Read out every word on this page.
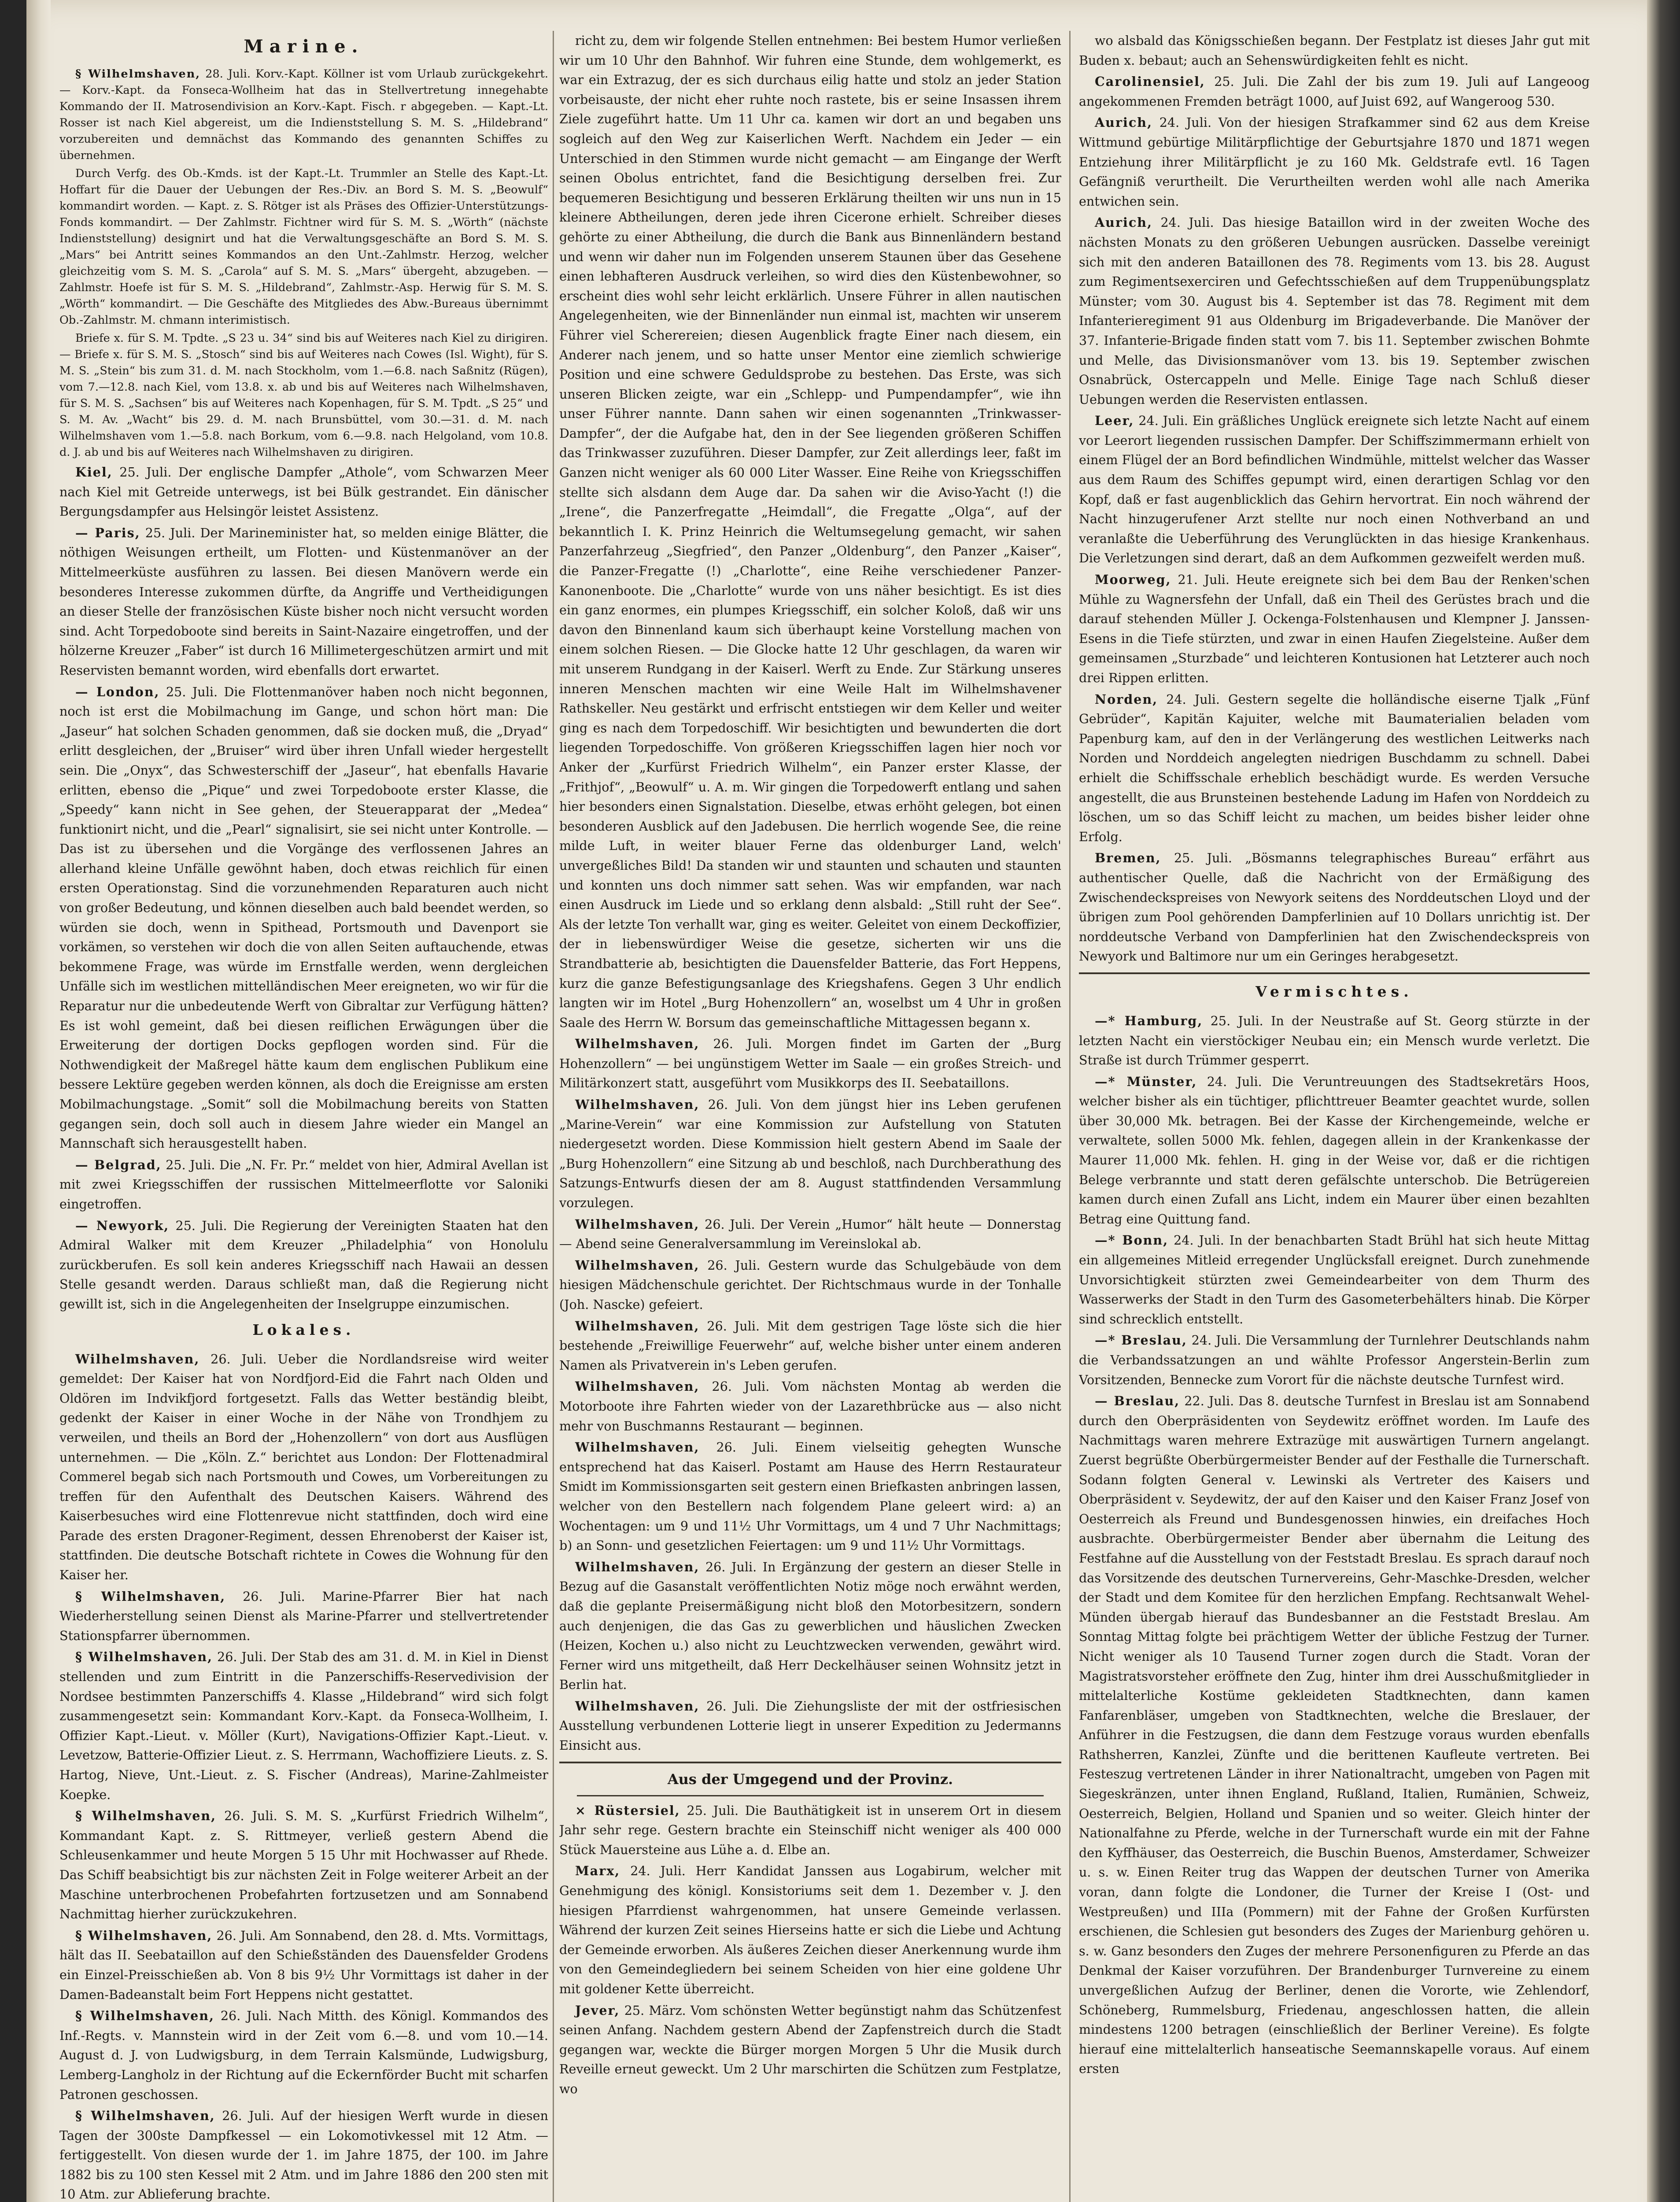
Marine.

§ Wilhelmshaven, 28. Juli. Korv.-Kapt. Köllner ist vom Urlaub zurückgekehrt. — Korv.-Kapt. da Fonseca-Wollheim hat das in Stellvertretung innegehabte Kommando der II. Matrosendivision an Korv.-Kapt. Fisch. r abgegeben. — Kapt.-Lt. Rosser ist nach Kiel abgereist, um die Indienststellung S. M. S. „Hildebrand“ vorzubereiten und demnächst das Kommando des genannten Schiffes zu übernehmen.

Durch Verfg. des Ob.-Kmds. ist der Kapt.-Lt. Trummler an Stelle des Kapt.-Lt. Hoffart für die Dauer der Uebungen der Res.-Div. an Bord S. M. S. „Beowulf“ kommandirt worden. — Kapt. z. S. Rötger ist als Präses des Offizier-Unterstützungs-Fonds kommandirt. — Der Zahlmstr. Fichtner wird für S. M. S. „Wörth“ (nächste Indienststellung) designirt und hat die Verwaltungsgeschäfte an Bord S. M. S. „Mars“ bei Antritt seines Kommandos an den Unt.-Zahlmstr. Herzog, welcher gleichzeitig vom S. M. S. „Carola“ auf S. M. S. „Mars“ übergeht, abzugeben. — Zahlmstr. Hoefe ist für S. M. S. „Hildebrand“, Zahlmstr.-Asp. Herwig für S. M. S. „Wörth“ kommandirt. — Die Geschäfte des Mitgliedes des Abw.-Bureaus übernimmt Ob.-Zahlmstr. M. chmann interimistisch.

Briefe x. für S. M. Tpdte. „S 23 u. 34“ sind bis auf Weiteres nach Kiel zu dirigiren. — Briefe x. für S. M. S. „Stosch“ sind bis auf Weiteres nach Cowes (Isl. Wight), für S. M. S. „Stein“ bis zum 31. d. M. nach Stockholm, vom 1.—6.8. nach Saßnitz (Rügen), vom 7.—12.8. nach Kiel, vom 13.8. x. ab und bis auf Weiteres nach Wilhelmshaven, für S. M. S. „Sachsen“ bis auf Weiteres nach Kopenhagen, für S. M. Tpdt. „S 25“ und S. M. Av. „Wacht“ bis 29. d. M. nach Brunsbüttel, vom 30.—31. d. M. nach Wilhelmshaven vom 1.—5.8. nach Borkum, vom 6.—9.8. nach Helgoland, vom 10.8. d. J. ab und bis auf Weiteres nach Wilhelmshaven zu dirigiren.

Kiel, 25. Juli. Der englische Dampfer „Athole“, vom Schwarzen Meer nach Kiel mit Getreide unterwegs, ist bei Bülk gestrandet. Ein dänischer Bergungsdampfer aus Helsingör leistet Assistenz.

— Paris, 25. Juli. Der Marineminister hat, so melden einige Blätter, die nöthigen Weisungen ertheilt, um Flotten- und Küstenmanöver an der Mittelmeerküste ausführen zu lassen. Bei diesen Manövern werde ein besonderes Interesse zukommen dürfte, da Angriffe und Vertheidigungen an dieser Stelle der französischen Küste bisher noch nicht versucht worden sind. Acht Torpedoboote sind bereits in Saint-Nazaire eingetroffen, und der hölzerne Kreuzer „Faber“ ist durch 16 Millimetergeschützen armirt und mit Reservisten bemannt worden, wird ebenfalls dort erwartet.

— London, 25. Juli. Die Flottenmanöver haben noch nicht begonnen, noch ist erst die Mobilmachung im Gange, und schon hört man: Die „Jaseur“ hat solchen Schaden genommen, daß sie docken muß, die „Dryad“ erlitt desgleichen, der „Bruiser“ wird über ihren Unfall wieder hergestellt sein. Die „Onyx“, das Schwesterschiff der „Jaseur“, hat ebenfalls Havarie erlitten, ebenso die „Pique“ und zwei Torpedoboote erster Klasse, die „Speedy“ kann nicht in See gehen, der Steuerapparat der „Medea“ funktionirt nicht, und die „Pearl“ signalisirt, sie sei nicht unter Kontrolle. — Das ist zu übersehen und die Vorgänge des verflossenen Jahres an allerhand kleine Unfälle gewöhnt haben, doch etwas reichlich für einen ersten Operationstag. Sind die vorzunehmenden Reparaturen auch nicht von großer Bedeutung, und können dieselben auch bald beendet werden, so würden sie doch, wenn in Spithead, Portsmouth und Davenport sie vorkämen, so verstehen wir doch die von allen Seiten auftauchende, etwas bekommene Frage, was würde im Ernstfalle werden, wenn dergleichen Unfälle sich im westlichen mittelländischen Meer ereigneten, wo wir für die Reparatur nur die unbedeutende Werft von Gibraltar zur Verfügung hätten? Es ist wohl gemeint, daß bei diesen reiflichen Erwägungen über die Erweiterung der dortigen Docks gepflogen worden sind. Für die Nothwendigkeit der Maßregel hätte kaum dem englischen Publikum eine bessere Lektüre gegeben werden können, als doch die Ereignisse am ersten Mobilmachungstage. „Somit“ soll die Mobilmachung bereits von Statten gegangen sein, doch soll auch in diesem Jahre wieder ein Mangel an Mannschaft sich herausgestellt haben.

— Belgrad, 25. Juli. Die „N. Fr. Pr.“ meldet von hier, Admiral Avellan ist mit zwei Kriegsschiffen der russischen Mittelmeerflotte vor Saloniki eingetroffen.

— Newyork, 25. Juli. Die Regierung der Vereinigten Staaten hat den Admiral Walker mit dem Kreuzer „Philadelphia“ von Honolulu zurückberufen. Es soll kein anderes Kriegsschiff nach Hawaii an dessen Stelle gesandt werden. Daraus schließt man, daß die Regierung nicht gewillt ist, sich in die Angelegenheiten der Inselgruppe einzumischen.

Lokales.

Wilhelmshaven, 26. Juli. Ueber die Nordlandsreise wird weiter gemeldet: Der Kaiser hat von Nordfjord-Eid die Fahrt nach Olden und Oldören im Indvikfjord fortgesetzt. Falls das Wetter beständig bleibt, gedenkt der Kaiser in einer Woche in der Nähe von Trondhjem zu verweilen, und theils an Bord der „Hohenzollern“ von dort aus Ausflügen unternehmen. — Die „Köln. Z.“ berichtet aus London: Der Flottenadmiral Commerel begab sich nach Portsmouth und Cowes, um Vorbereitungen zu treffen für den Aufenthalt des Deutschen Kaisers. Während des Kaiserbesuches wird eine Flottenrevue nicht stattfinden, doch wird eine Parade des ersten Dragoner-Regiment, dessen Ehrenoberst der Kaiser ist, stattfinden. Die deutsche Botschaft richtete in Cowes die Wohnung für den Kaiser her.

§ Wilhelmshaven, 26. Juli. Marine-Pfarrer Bier hat nach Wiederherstellung seinen Dienst als Marine-Pfarrer und stellvertretender Stationspfarrer übernommen.

§ Wilhelmshaven, 26. Juli. Der Stab des am 31. d. M. in Kiel in Dienst stellenden und zum Eintritt in die Panzerschiffs-Reservedivision der Nordsee bestimmten Panzerschiffs 4. Klasse „Hildebrand“ wird sich folgt zusammengesetzt sein: Kommandant Korv.-Kapt. da Fonseca-Wollheim, I. Offizier Kapt.-Lieut. v. Möller (Kurt), Navigations-Offizier Kapt.-Lieut. v. Levetzow, Batterie-Offizier Lieut. z. S. Herrmann, Wachoffiziere Lieuts. z. S. Hartog, Nieve, Unt.-Lieut. z. S. Fischer (Andreas), Marine-Zahlmeister Koepke.

§ Wilhelmshaven, 26. Juli. S. M. S. „Kurfürst Friedrich Wilhelm“, Kommandant Kapt. z. S. Rittmeyer, verließ gestern Abend die Schleusenkammer und heute Morgen 5 15 Uhr mit Hochwasser auf Rhede. Das Schiff beabsichtigt bis zur nächsten Zeit in Folge weiterer Arbeit an der Maschine unterbrochenen Probefahrten fortzusetzen und am Sonnabend Nachmittag hierher zurückzukehren.

§ Wilhelmshaven, 26. Juli. Am Sonnabend, den 28. d. Mts. Vormittags, hält das II. Seebataillon auf den Schießständen des Dauensfelder Grodens ein Einzel-Preisschießen ab. Von 8 bis 9½ Uhr Vormittags ist daher in der Damen-Badeanstalt beim Fort Heppens nicht gestattet.

§ Wilhelmshaven, 26. Juli. Nach Mitth. des Königl. Kommandos des Inf.-Regts. v. Mannstein wird in der Zeit vom 6.—8. und vom 10.—14. August d. J. von Ludwigsburg, in dem Terrain Kalsmünde, Ludwigsburg, Lemberg-Langholz in der Richtung auf die Eckernförder Bucht mit scharfen Patronen geschossen.

§ Wilhelmshaven, 26. Juli. Auf der hiesigen Werft wurde in diesen Tagen der 300ste Dampfkessel — ein Lokomotivkessel mit 12 Atm. — fertiggestellt. Von diesen wurde der 1. im Jahre 1875, der 100. im Jahre 1882 bis zu 100 sten Kessel mit 2 Atm. und im Jahre 1886 den 200 sten mit 10 Atm. zur Ablieferung brachte.

richt zu, dem wir folgende Stellen entnehmen: Bei bestem Humor verließen wir um 10 Uhr den Bahnhof. Wir fuhren eine Stunde, dem wohlgemerkt, es war ein Extrazug, der es sich durchaus eilig hatte und stolz an jeder Station vorbeisauste, der nicht eher ruhte noch rastete, bis er seine Insassen ihrem Ziele zugeführt hatte. Um 11 Uhr ca. kamen wir dort an und begaben uns sogleich auf den Weg zur Kaiserlichen Werft. Nachdem ein Jeder — ein Unterschied in den Stimmen wurde nicht gemacht — am Eingange der Werft seinen Obolus entrichtet, fand die Besichtigung derselben frei. Zur bequemeren Besichtigung und besseren Erklärung theilten wir uns nun in 15 kleinere Abtheilungen, deren jede ihren Cicerone erhielt. Schreiber dieses gehörte zu einer Abtheilung, die durch die Bank aus Binnenländern bestand und wenn wir daher nun im Folgenden unserem Staunen über das Gesehene einen lebhafteren Ausdruck verleihen, so wird dies den Küstenbewohner, so erscheint dies wohl sehr leicht erklärlich. Unsere Führer in allen nautischen Angelegenheiten, wie der Binnenländer nun einmal ist, machten wir unserem Führer viel Scherereien; diesen Augenblick fragte Einer nach diesem, ein Anderer nach jenem, und so hatte unser Mentor eine ziemlich schwierige Position und eine schwere Geduldsprobe zu bestehen. Das Erste, was sich unseren Blicken zeigte, war ein „Schlepp- und Pumpendampfer“, wie ihn unser Führer nannte. Dann sahen wir einen sogenannten „Trinkwasser-Dampfer“, der die Aufgabe hat, den in der See liegenden größeren Schiffen das Trinkwasser zuzuführen. Dieser Dampfer, zur Zeit allerdings leer, faßt im Ganzen nicht weniger als 60 000 Liter Wasser. Eine Reihe von Kriegsschiffen stellte sich alsdann dem Auge dar. Da sahen wir die Aviso-Yacht (!) die „Irene“, die Panzerfregatte „Heimdall“, die Fregatte „Olga“, auf der bekanntlich I. K. Prinz Heinrich die Weltumsegelung gemacht, wir sahen Panzerfahrzeug „Siegfried“, den Panzer „Oldenburg“, den Panzer „Kaiser“, die Panzer-Fregatte (!) „Charlotte“, eine Reihe verschiedener Panzer-Kanonenboote. Die „Charlotte“ wurde von uns näher besichtigt. Es ist dies ein ganz enormes, ein plumpes Kriegsschiff, ein solcher Koloß, daß wir uns davon den Binnenland kaum sich überhaupt keine Vorstellung machen von einem solchen Riesen. — Die Glocke hatte 12 Uhr geschlagen, da waren wir mit unserem Rundgang in der Kaiserl. Werft zu Ende. Zur Stärkung unseres inneren Menschen machten wir eine Weile Halt im Wilhelmshavener Rathskeller. Neu gestärkt und erfrischt entstiegen wir dem Keller und weiter ging es nach dem Torpedoschiff. Wir besichtigten und bewunderten die dort liegenden Torpedoschiffe. Von größeren Kriegsschiffen lagen hier noch vor Anker der „Kurfürst Friedrich Wilhelm“, ein Panzer erster Klasse, der „Frithjof“, „Beowulf“ u. A. m. Wir gingen die Torpedowerft entlang und sahen hier besonders einen Signalstation. Dieselbe, etwas erhöht gelegen, bot einen besonderen Ausblick auf den Jadebusen. Die herrlich wogende See, die reine milde Luft, in weiter blauer Ferne das oldenburger Land, welch' unvergeßliches Bild! Da standen wir und staunten und schauten und staunten und konnten uns doch nimmer satt sehen. Was wir empfanden, war nach einen Ausdruck im Liede und so erklang denn alsbald: „Still ruht der See“. Als der letzte Ton verhallt war, ging es weiter. Geleitet von einem Deckoffizier, der in liebenswürdiger Weise die gesetze, sicherten wir uns die Strandbatterie ab, besichtigten die Dauensfelder Batterie, das Fort Heppens, kurz die ganze Befestigungsanlage des Kriegshafens. Gegen 3 Uhr endlich langten wir im Hotel „Burg Hohenzollern“ an, woselbst um 4 Uhr in großen Saale des Herrn W. Borsum das gemeinschaftliche Mittagessen begann x.

Wilhelmshaven, 26. Juli. Morgen findet im Garten der „Burg Hohenzollern“ — bei ungünstigem Wetter im Saale — ein großes Streich- und Militärkonzert statt, ausgeführt vom Musikkorps des II. Seebataillons.

Wilhelmshaven, 26. Juli. Von dem jüngst hier ins Leben gerufenen „Marine-Verein“ war eine Kommission zur Aufstellung von Statuten niedergesetzt worden. Diese Kommission hielt gestern Abend im Saale der „Burg Hohenzollern“ eine Sitzung ab und beschloß, nach Durchberathung des Satzungs-Entwurfs diesen der am 8. August stattfindenden Versammlung vorzulegen.

Wilhelmshaven, 26. Juli. Der Verein „Humor“ hält heute — Donnerstag — Abend seine Generalversammlung im Vereinslokal ab.

Wilhelmshaven, 26. Juli. Gestern wurde das Schulgebäude von dem hiesigen Mädchenschule gerichtet. Der Richtschmaus wurde in der Tonhalle (Joh. Nascke) gefeiert.

Wilhelmshaven, 26. Juli. Mit dem gestrigen Tage löste sich die hier bestehende „Freiwillige Feuerwehr“ auf, welche bisher unter einem anderen Namen als Privatverein in's Leben gerufen.

Wilhelmshaven, 26. Juli. Vom nächsten Montag ab werden die Motorboote ihre Fahrten wieder von der Lazarethbrücke aus — also nicht mehr von Buschmanns Restaurant — beginnen.

Wilhelmshaven, 26. Juli. Einem vielseitig gehegten Wunsche entsprechend hat das Kaiserl. Postamt am Hause des Herrn Restaurateur Smidt im Kommissionsgarten seit gestern einen Briefkasten anbringen lassen, welcher von den Bestellern nach folgendem Plane geleert wird: a) an Wochentagen: um 9 und 11½ Uhr Vormittags, um 4 und 7 Uhr Nachmittags; b) an Sonn- und gesetzlichen Feiertagen: um 9 und 11½ Uhr Vormittags.

Wilhelmshaven, 26. Juli. In Ergänzung der gestern an dieser Stelle in Bezug auf die Gasanstalt veröffentlichten Notiz möge noch erwähnt werden, daß die geplante Preisermäßigung nicht bloß den Motorbesitzern, sondern auch denjenigen, die das Gas zu gewerblichen und häuslichen Zwecken (Heizen, Kochen u.) also nicht zu Leuchtzwecken verwenden, gewährt wird. Ferner wird uns mitgetheilt, daß Herr Deckelhäuser seinen Wohnsitz jetzt in Berlin hat.

Wilhelmshaven, 26. Juli. Die Ziehungsliste der mit der ostfriesischen Ausstellung verbundenen Lotterie liegt in unserer Expedition zu Jedermanns Einsicht aus.

Aus der Umgegend und der Provinz.

× Rüstersiel, 25. Juli. Die Bauthätigkeit ist in unserem Ort in diesem Jahr sehr rege. Gestern brachte ein Steinschiff nicht weniger als 400 000 Stück Mauersteine aus Lühe a. d. Elbe an.

Marx, 24. Juli. Herr Kandidat Janssen aus Logabirum, welcher mit Genehmigung des königl. Konsistoriums seit dem 1. Dezember v. J. den hiesigen Pfarrdienst wahrgenommen, hat unsere Gemeinde verlassen. Während der kurzen Zeit seines Hierseins hatte er sich die Liebe und Achtung der Gemeinde erworben. Als äußeres Zeichen dieser Anerkennung wurde ihm von den Gemeindegliedern bei seinem Scheiden von hier eine goldene Uhr mit goldener Kette überreicht.

Jever, 25. März. Vom schönsten Wetter begünstigt nahm das Schützenfest seinen Anfang. Nachdem gestern Abend der Zapfenstreich durch die Stadt gegangen war, weckte die Bürger morgen Morgen 5 Uhr die Musik durch Reveille erneut geweckt. Um 2 Uhr marschirten die Schützen zum Festplatze, wo

wo alsbald das Königsschießen begann. Der Festplatz ist dieses Jahr gut mit Buden x. bebaut; auch an Sehenswürdigkeiten fehlt es nicht.

Carolinensiel, 25. Juli. Die Zahl der bis zum 19. Juli auf Langeoog angekommenen Fremden beträgt 1000, auf Juist 692, auf Wangeroog 530.

Aurich, 24. Juli. Von der hiesigen Strafkammer sind 62 aus dem Kreise Wittmund gebürtige Militärpflichtige der Geburtsjahre 1870 und 1871 wegen Entziehung ihrer Militärpflicht je zu 160 Mk. Geldstrafe evtl. 16 Tagen Gefängniß verurtheilt. Die Verurtheilten werden wohl alle nach Amerika entwichen sein.

Aurich, 24. Juli. Das hiesige Bataillon wird in der zweiten Woche des nächsten Monats zu den größeren Uebungen ausrücken. Dasselbe vereinigt sich mit den anderen Bataillonen des 78. Regiments vom 13. bis 28. August zum Regimentsexerciren und Gefechtsschießen auf dem Truppenübungsplatz Münster; vom 30. August bis 4. September ist das 78. Regiment mit dem Infanterieregiment 91 aus Oldenburg im Brigadeverbande. Die Manöver der 37. Infanterie-Brigade finden statt vom 7. bis 11. September zwischen Bohmte und Melle, das Divisionsmanöver vom 13. bis 19. September zwischen Osnabrück, Ostercappeln und Melle. Einige Tage nach Schluß dieser Uebungen werden die Reservisten entlassen.

Leer, 24. Juli. Ein gräßliches Unglück ereignete sich letzte Nacht auf einem vor Leerort liegenden russischen Dampfer. Der Schiffszimmermann erhielt von einem Flügel der an Bord befindlichen Windmühle, mittelst welcher das Wasser aus dem Raum des Schiffes gepumpt wird, einen derartigen Schlag vor den Kopf, daß er fast augenblicklich das Gehirn hervortrat. Ein noch während der Nacht hinzugerufener Arzt stellte nur noch einen Nothverband an und veranlaßte die Ueberführung des Verunglückten in das hiesige Krankenhaus. Die Verletzungen sind derart, daß an dem Aufkommen gezweifelt werden muß.

Moorweg, 21. Juli. Heute ereignete sich bei dem Bau der Renken'schen Mühle zu Wagnersfehn der Unfall, daß ein Theil des Gerüstes brach und die darauf stehenden Müller J. Ockenga-Folstenhausen und Klempner J. Janssen-Esens in die Tiefe stürzten, und zwar in einen Haufen Ziegelsteine. Außer dem gemeinsamen „Sturzbade“ und leichteren Kontusionen hat Letzterer auch noch drei Rippen erlitten.

Norden, 24. Juli. Gestern segelte die holländische eiserne Tjalk „Fünf Gebrüder“, Kapitän Kajuiter, welche mit Baumaterialien beladen vom Papenburg kam, auf den in der Verlängerung des westlichen Leitwerks nach Norden und Norddeich angelegten niedrigen Buschdamm zu schnell. Dabei erhielt die Schiffsschale erheblich beschädigt wurde. Es werden Versuche angestellt, die aus Brunsteinen bestehende Ladung im Hafen von Norddeich zu löschen, um so das Schiff leicht zu machen, um beides bisher leider ohne Erfolg.

Bremen, 25. Juli. „Bösmanns telegraphisches Bureau“ erfährt aus authentischer Quelle, daß die Nachricht von der Ermäßigung des Zwischendeckspreises von Newyork seitens des Norddeutschen Lloyd und der übrigen zum Pool gehörenden Dampferlinien auf 10 Dollars unrichtig ist. Der norddeutsche Verband von Dampferlinien hat den Zwischendeckspreis von Newyork und Baltimore nur um ein Geringes herabgesetzt.

Vermischtes.

—* Hamburg, 25. Juli. In der Neustraße auf St. Georg stürzte in der letzten Nacht ein vierstöckiger Neubau ein; ein Mensch wurde verletzt. Die Straße ist durch Trümmer gesperrt.

—* Münster, 24. Juli. Die Veruntreuungen des Stadtsekretärs Hoos, welcher bisher als ein tüchtiger, pflichttreuer Beamter geachtet wurde, sollen über 30,000 Mk. betragen. Bei der Kasse der Kirchengemeinde, welche er verwaltete, sollen 5000 Mk. fehlen, dagegen allein in der Krankenkasse der Maurer 11,000 Mk. fehlen. H. ging in der Weise vor, daß er die richtigen Belege verbrannte und statt deren gefälschte unterschob. Die Betrügereien kamen durch einen Zufall ans Licht, indem ein Maurer über einen bezahlten Betrag eine Quittung fand.

—* Bonn, 24. Juli. In der benachbarten Stadt Brühl hat sich heute Mittag ein allgemeines Mitleid erregender Unglücksfall ereignet. Durch zunehmende Unvorsichtigkeit stürzten zwei Gemeindearbeiter von dem Thurm des Wasserwerks der Stadt in den Turm des Gasometerbehälters hinab. Die Körper sind schrecklich entstellt.

—* Breslau, 24. Juli. Die Versammlung der Turnlehrer Deutschlands nahm die Verbandssatzungen an und wählte Professor Angerstein-Berlin zum Vorsitzenden, Bennecke zum Vorort für die nächste deutsche Turnfest wird.

— Breslau, 22. Juli. Das 8. deutsche Turnfest in Breslau ist am Sonnabend durch den Oberpräsidenten von Seydewitz eröffnet worden. Im Laufe des Nachmittags waren mehrere Extrazüge mit auswärtigen Turnern angelangt. Zuerst begrüßte Oberbürgermeister Bender auf der Festhalle die Turnerschaft. Sodann folgten General v. Lewinski als Vertreter des Kaisers und Oberpräsident v. Seydewitz, der auf den Kaiser und den Kaiser Franz Josef von Oesterreich als Freund und Bundesgenossen hinwies, ein dreifaches Hoch ausbrachte. Oberbürgermeister Bender aber übernahm die Leitung des Festfahne auf die Ausstellung von der Feststadt Breslau. Es sprach darauf noch das Vorsitzende des deutschen Turnervereins, Gehr-Maschke-Dresden, welcher der Stadt und dem Komitee für den herzlichen Empfang. Rechtsanwalt Wehel-Münden übergab hierauf das Bundesbanner an die Feststadt Breslau. Am Sonntag Mittag folgte bei prächtigem Wetter der übliche Festzug der Turner. Nicht weniger als 10 Tausend Turner zogen durch die Stadt. Voran der Magistratsvorsteher eröffnete den Zug, hinter ihm drei Ausschußmitglieder in mittelalterliche Kostüme gekleideten Stadtknechten, dann kamen Fanfarenbläser, umgeben von Stadtknechten, welche die Breslauer, der Anführer in die Festzugsen, die dann dem Festzuge voraus wurden ebenfalls Rathsherren, Kanzlei, Zünfte und die berittenen Kaufleute vertreten. Bei Festeszug vertretenen Länder in ihrer Nationaltracht, umgeben von Pagen mit Siegeskränzen, unter ihnen England, Rußland, Italien, Rumänien, Schweiz, Oesterreich, Belgien, Holland und Spanien und so weiter. Gleich hinter der Nationalfahne zu Pferde, welche in der Turnerschaft wurde ein mit der Fahne den Kyffhäuser, das Oesterreich, die Buschin Buenos, Amsterdamer, Schweizer u. s. w. Einen Reiter trug das Wappen der deutschen Turner von Amerika voran, dann folgte die Londoner, die Turner der Kreise I (Ost- und Westpreußen) und IIIa (Pommern) mit der Fahne der Großen Kurfürsten erschienen, die Schlesien gut besonders des Zuges der Marienburg gehören u. s. w. Ganz besonders den Zuges der mehrere Personenfiguren zu Pferde an das Denkmal der Kaiser vorzuführen. Der Brandenburger Turnvereine zu einem unvergeßlichen Aufzug der Berliner, denen die Vororte, wie Zehlendorf, Schöneberg, Rummelsburg, Friedenau, angeschlossen hatten, die allein mindestens 1200 betragen (einschließlich der Berliner Vereine). Es folgte hierauf eine mittelalterlich hanseatische Seemannskapelle voraus. Auf einem ersten
